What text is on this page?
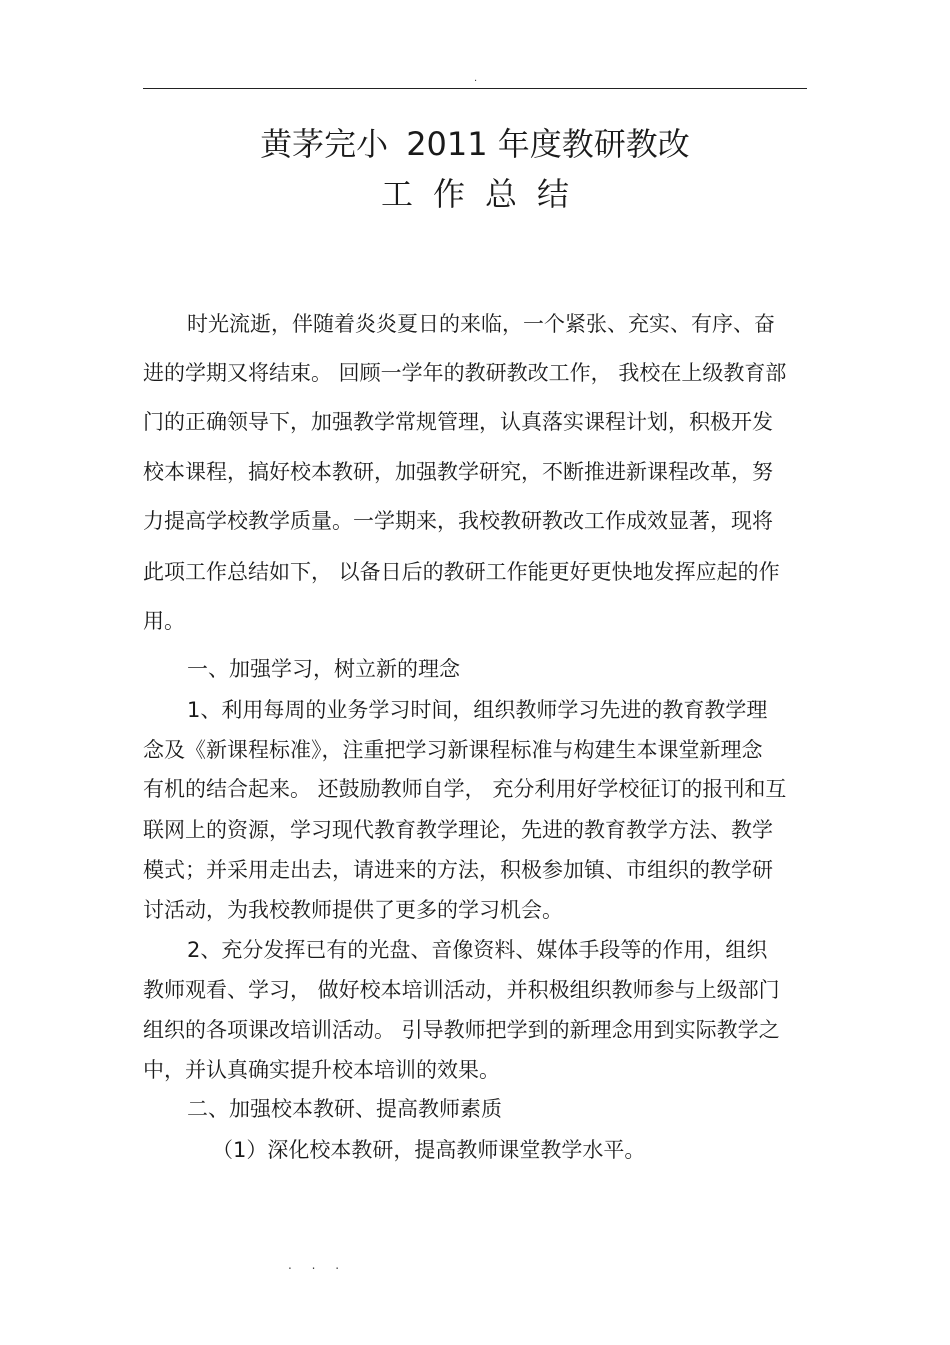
.
黄茅完小 2011 年度教研教改
工作总结
时光流逝，伴随着炎炎夏日的来临，一个紧张、充实、有序、奋
进的学期又将结束。 回顾一学年的教研教改工作， 我校在上级教育部
门的正确领导下，加强教学常规管理，认真落实课程计划，积极开发
校本课程，搞好校本教研，加强教学研究，不断推进新课程改革，努
力提高学校教学质量。一学期来，我校教研教改工作成效显著，现将
此项工作总结如下， 以备日后的教研工作能更好更快地发挥应起的作
用。
一、加强学习，树立新的理念
1、利用每周的业务学习时间，组织教师学习先进的教育教学理
念及《新课程标准》，注重把学习新课程标准与构建生本课堂新理念
有机的结合起来。 还鼓励教师自学， 充分利用好学校征订的报刊和互
联网上的资源，学习现代教育教学理论，先进的教育教学方法、教学
模式；并采用走出去，请进来的方法，积极参加镇、市组织的教学研
讨活动，为我校教师提供了更多的学习机会。
2、充分发挥已有的光盘、音像资料、媒体手段等的作用，组织
教师观看、学习， 做好校本培训活动，并积极组织教师参与上级部门
组织的各项课改培训活动。 引导教师把学到的新理念用到实际教学之
中，并认真确实提升校本培训的效果。
二、加强校本教研、提高教师素质
（1）深化校本教研，提高教师课堂教学水平。
. . .
